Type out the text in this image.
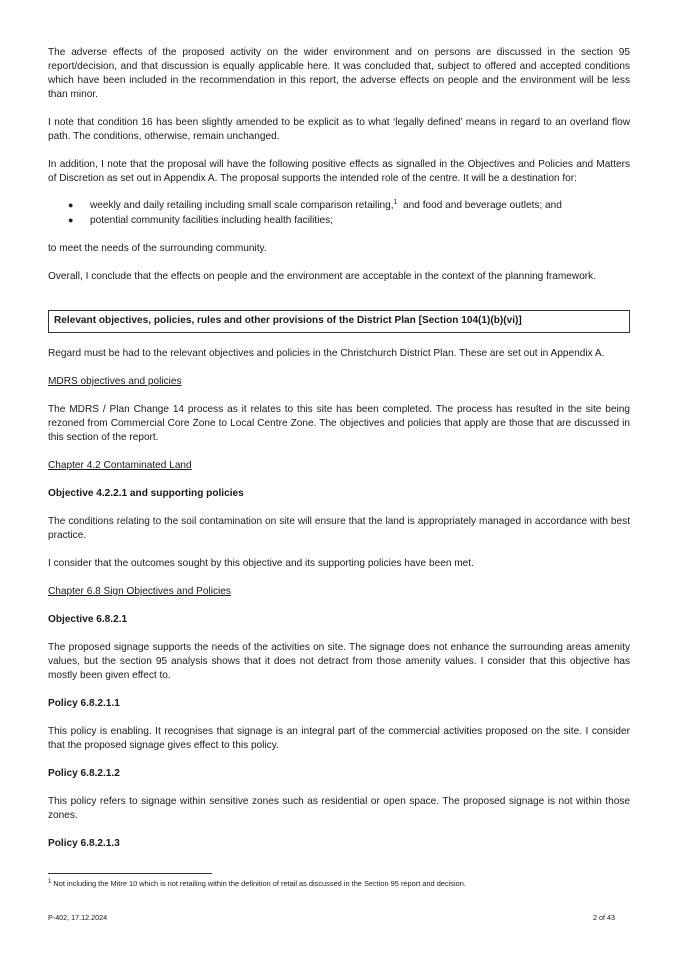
The adverse effects of the proposed activity on the wider environment and on persons are discussed in the section 95 report/decision, and that discussion is equally applicable here. It was concluded that, subject to offered and accepted conditions which have been included in the recommendation in this report, the adverse effects on people and the environment will be less than minor.

I note that condition 16 has been slightly amended to be explicit as to what ‘legally defined’ means in regard to an overland flow path. The conditions, otherwise, remain unchanged.

In addition, I note that the proposal will have the following positive effects as signalled in the Objectives and Policies and Matters of Discretion as set out in Appendix A. The proposal supports the intended role of the centre. It will be a destination for:

● weekly and daily retailing including small scale comparison retailing,$^1$  and food and beverage outlets; and
● potential community facilities including health facilities;

to meet the needs of the surrounding community.

Overall, I conclude that the effects on people and the environment are acceptable in the context of the planning framework.

Relevant objectives, policies, rules and other provisions of the District Plan [Section 104(1)(b)(vi)]

Regard must be had to the relevant objectives and policies in the Christchurch District Plan. These are set out in Appendix A.

MDRS objectives and policies

The MDRS / Plan Change 14 process as it relates to this site has been completed. The process has resulted in the site being rezoned from Commercial Core Zone to Local Centre Zone. The objectives and policies that apply are those that are discussed in this section of the report.

Chapter 4.2 Contaminated Land

Objective 4.2.2.1 and supporting policies

The conditions relating to the soil contamination on site will ensure that the land is appropriately managed in accordance with best practice.

I consider that the outcomes sought by this objective and its supporting policies have been met.

Chapter 6.8 Sign Objectives and Policies

Objective 6.8.2.1

The proposed signage supports the needs of the activities on site. The signage does not enhance the surrounding areas amenity values, but the section 95 analysis shows that it does not detract from those amenity values. I consider that this objective has mostly been given effect to.

Policy 6.8.2.1.1

This policy is enabling. It recognises that signage is an integral part of the commercial activities proposed on the site. I consider that the proposed signage gives effect to this policy.

Policy 6.8.2.1.2

This policy refers to signage within sensitive zones such as residential or open space. The proposed signage is not within those zones.

Policy 6.8.2.1.3

$^1$ Not including the Mitre 10 which is not retailing within the definition of retail as discussed in the Section 95 report and decision.
P-402, 17.12.2024	2 of 43
